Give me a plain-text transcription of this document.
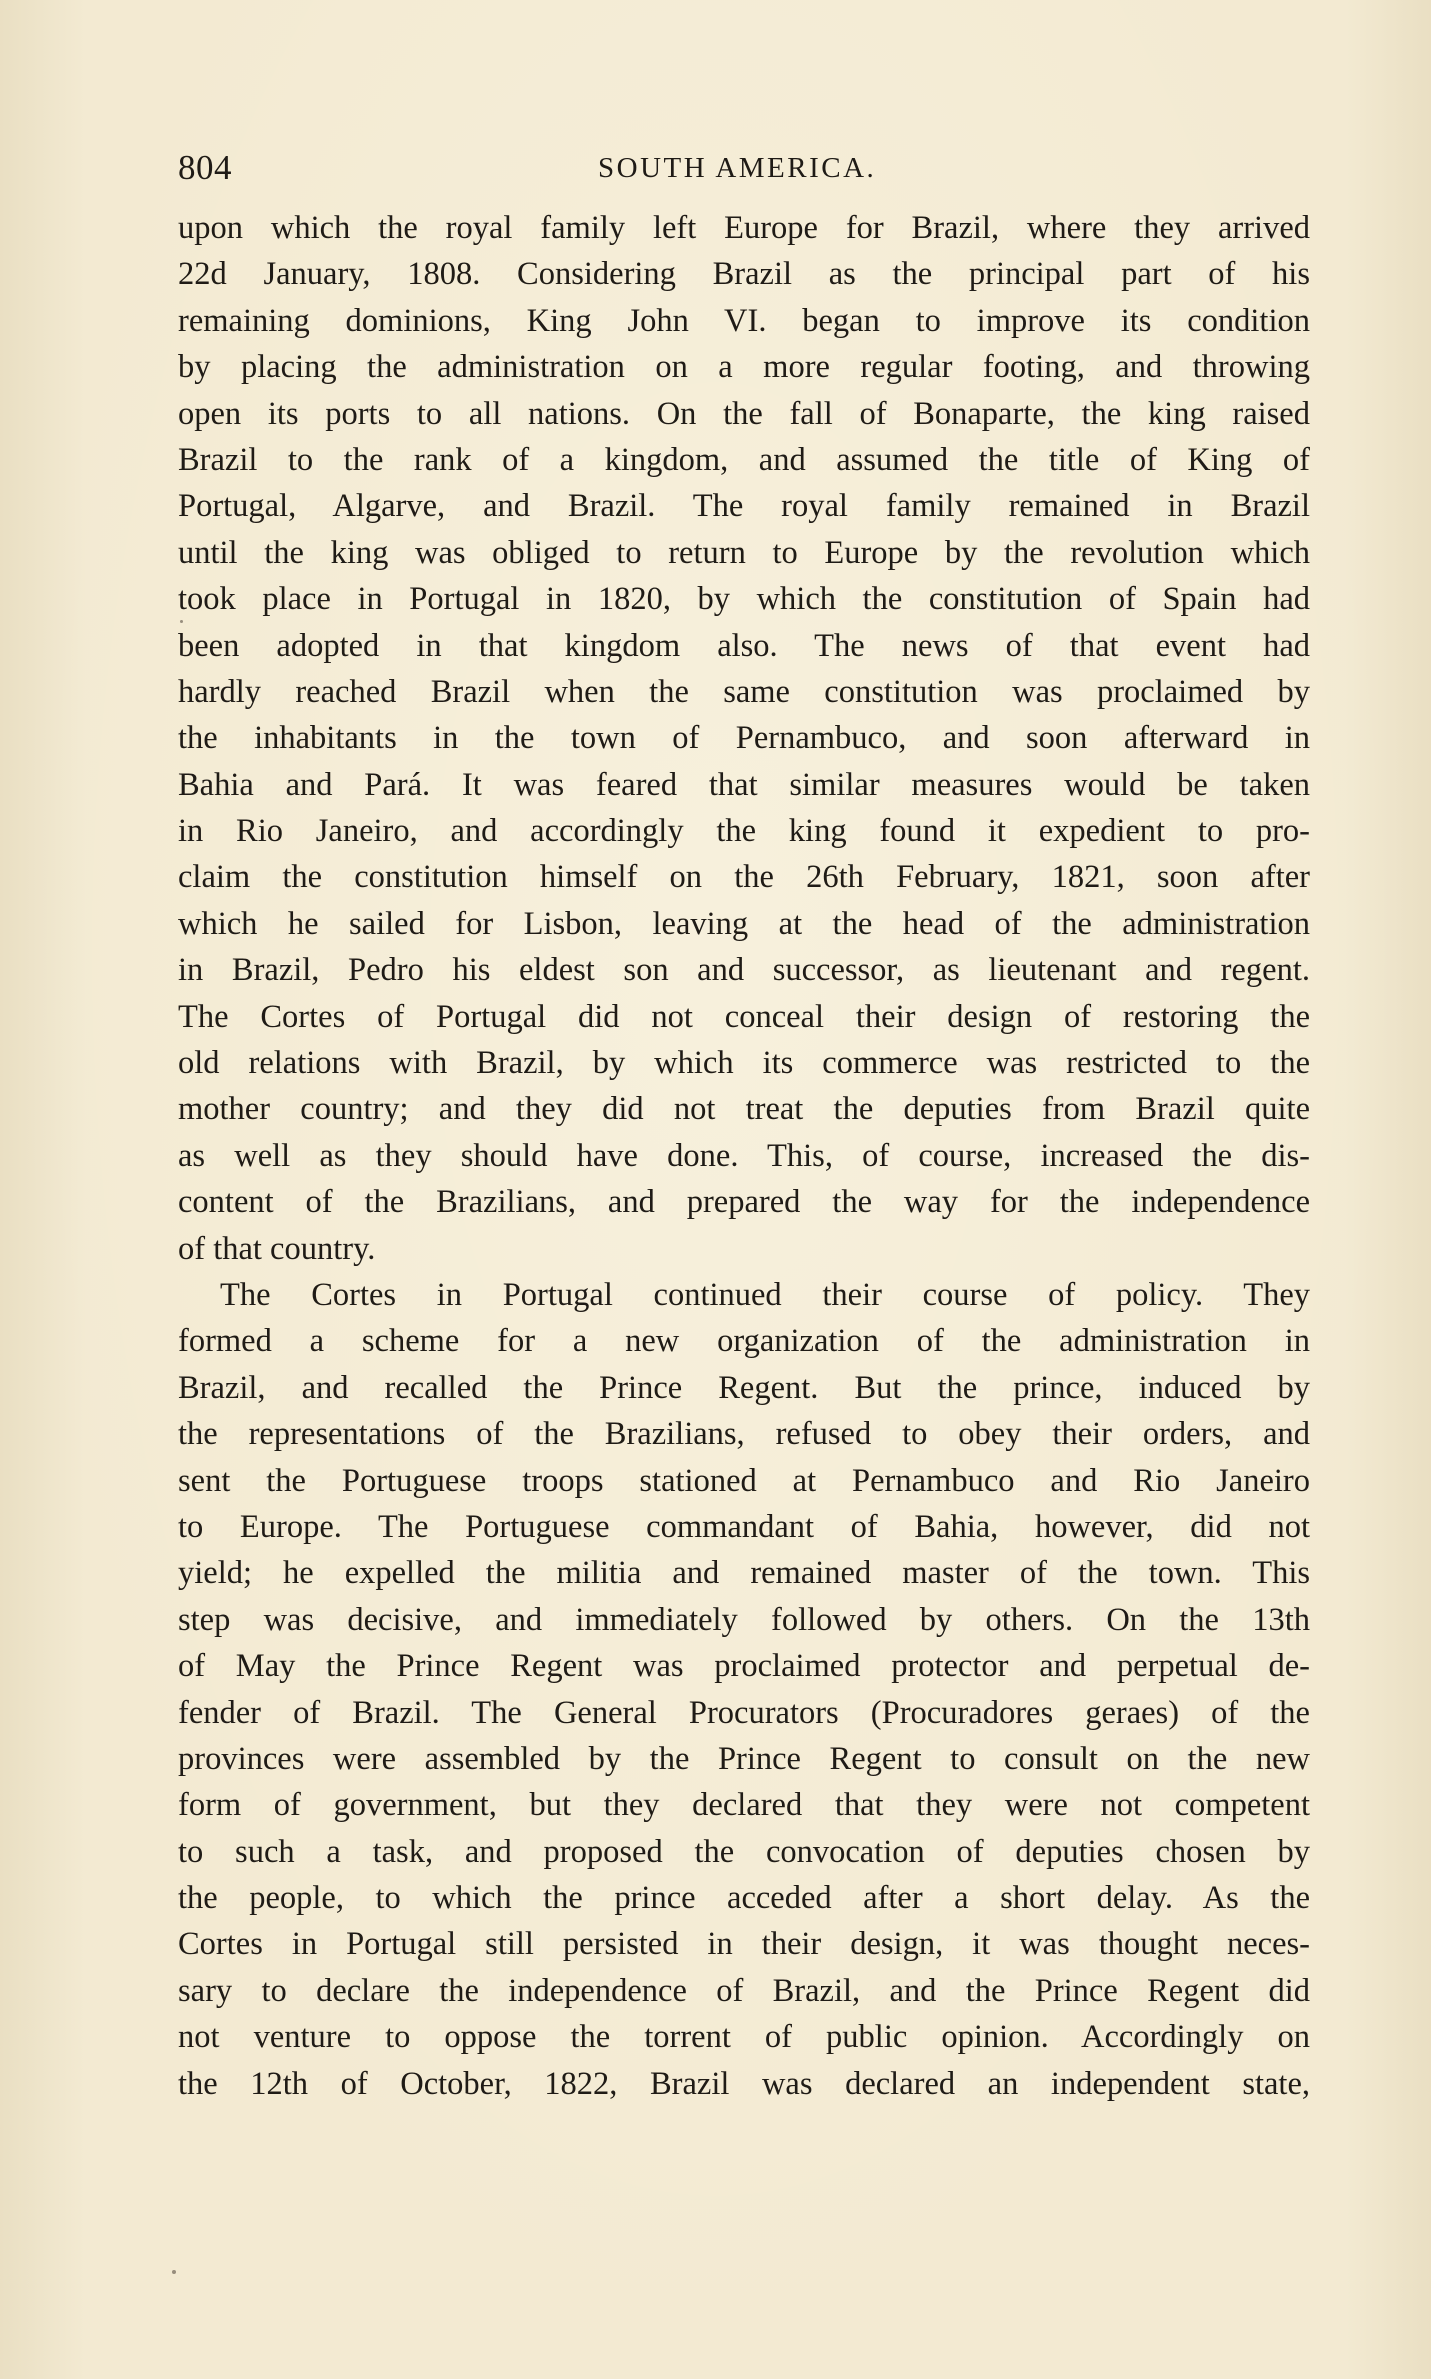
804	SOUTH AMERICA.
upon which the royal family left Europe for Brazil, where they arrived
22d January, 1808. Considering Brazil as the principal part of his
remaining dominions, King John VI. began to improve its condition
by placing the administration on a more regular footing, and throwing
open its ports to all nations. On the fall of Bonaparte, the king raised
Brazil to the rank of a kingdom, and assumed the title of King of
Portugal, Algarve, and Brazil. The royal family remained in Brazil
until the king was obliged to return to Europe by the revolution which
took place in Portugal in 1820, by which the constitution of Spain had
been adopted in that kingdom also. The news of that event had
hardly reached Brazil when the same constitution was proclaimed by
the inhabitants in the town of Pernambuco, and soon afterward in
Bahia and Pará. It was feared that similar measures would be taken
in Rio Janeiro, and accordingly the king found it expedient to pro-
claim the constitution himself on the 26th February, 1821, soon after
which he sailed for Lisbon, leaving at the head of the administration
in Brazil, Pedro his eldest son and successor, as lieutenant and regent.
The Cortes of Portugal did not conceal their design of restoring the
old relations with Brazil, by which its commerce was restricted to the
mother country; and they did not treat the deputies from Brazil quite
as well as they should have done. This, of course, increased the dis-
content of the Brazilians, and prepared the way for the independence
of that country.
The Cortes in Portugal continued their course of policy. They
formed a scheme for a new organization of the administration in
Brazil, and recalled the Prince Regent. But the prince, induced by
the representations of the Brazilians, refused to obey their orders, and
sent the Portuguese troops stationed at Pernambuco and Rio Janeiro
to Europe. The Portuguese commandant of Bahia, however, did not
yield; he expelled the militia and remained master of the town. This
step was decisive, and immediately followed by others. On the 13th
of May the Prince Regent was proclaimed protector and perpetual de-
fender of Brazil. The General Procurators (Procuradores geraes) of the
provinces were assembled by the Prince Regent to consult on the new
form of government, but they declared that they were not competent
to such a task, and proposed the convocation of deputies chosen by
the people, to which the prince acceded after a short delay. As the
Cortes in Portugal still persisted in their design, it was thought neces-
sary to declare the independence of Brazil, and the Prince Regent did
not venture to oppose the torrent of public opinion. Accordingly on
the 12th of October, 1822, Brazil was declared an independent state,
